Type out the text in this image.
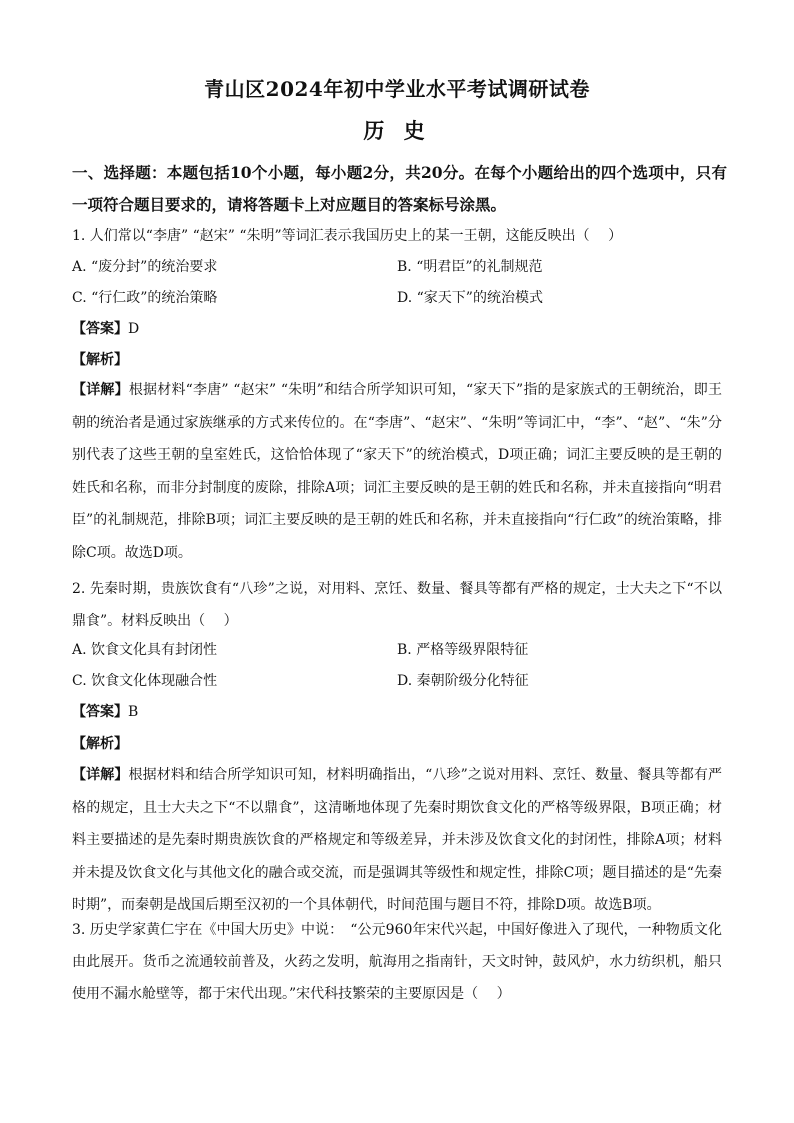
青山区2024年初中学业水平考试调研试卷
历 史
一、选择题：本题包括10个小题，每小题2分，共20分。在每个小题给出的四个选项中，只有一项符合题目要求的，请将答题卡上对应题目的答案标号涂黑。
1. 人们常以“李唐” “赵宋” “朱明”等词汇表示我国历史上的某一王朝，这能反映出（　 ）
A. “废分封”的统治要求	B. “明君臣”的礼制规范
C. “行仁政”的统治策略	D. “家天下”的统治模式
【答案】D
【解析】
【详解】根据材料“李唐” “赵宋” “朱明”和结合所学知识可知，“家天下”指的是家族式的王朝统治，即王朝的统治者是通过家族继承的方式来传位的。在“李唐”、“赵宋”、“朱明”等词汇中，“李”、“赵”、“朱”分别代表了这些王朝的皇室姓氏，这恰恰体现了“家天下”的统治模式，D项正确；词汇主要反映的是王朝的姓氏和名称，而非分封制度的废除，排除A项；词汇主要反映的是王朝的姓氏和名称，并未直接指向“明君臣”的礼制规范，排除B项；词汇主要反映的是王朝的姓氏和名称，并未直接指向“行仁政”的统治策略，排除C项。故选D项。
2. 先秦时期，贵族饮食有“八珍”之说，对用料、烹饪、数量、餐具等都有严格的规定，士大夫之下“不以鼎食”。材料反映出（　 ）
A. 饮食文化具有封闭性	B. 严格等级界限特征
C. 饮食文化体现融合性	D. 秦朝阶级分化特征
【答案】B
【解析】
【详解】根据材料和结合所学知识可知，材料明确指出，“八珍”之说对用料、烹饪、数量、餐具等都有严格的规定，且士大夫之下“不以鼎食”，这清晰地体现了先秦时期饮食文化的严格等级界限，B项正确；材料主要描述的是先秦时期贵族饮食的严格规定和等级差异，并未涉及饮食文化的封闭性，排除A项；材料并未提及饮食文化与其他文化的融合或交流，而是强调其等级性和规定性，排除C项；题目描述的是“先秦时期”，而秦朝是战国后期至汉初的一个具体朝代，时间范围与题目不符，排除D项。故选B项。
3. 历史学家黄仁宇在《中国大历史》中说：　“公元960年宋代兴起，中国好像进入了现代，一种物质文化由此展开。货币之流通较前普及，火药之发明，航海用之指南针，天文时钟，鼓风炉，水力纺织机，船只使用不漏水舱壁等，都于宋代出现。”宋代科技繁荣的主要原因是（　 ）
